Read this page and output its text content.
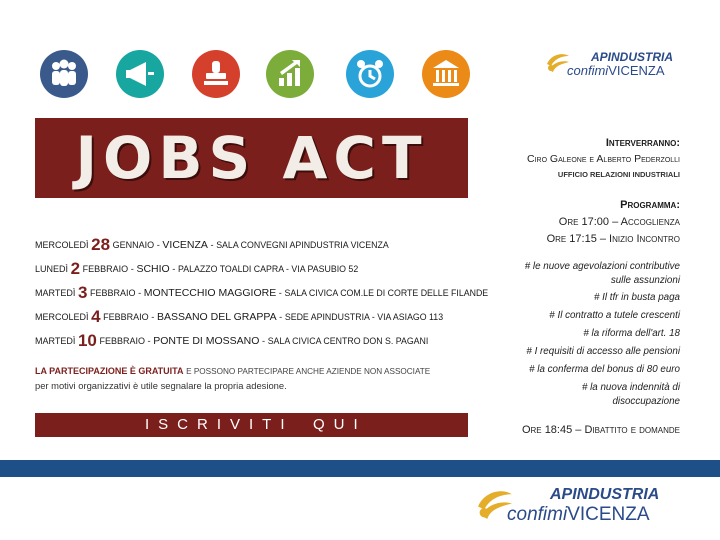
APINDUSTRIA
confimiVICENZA
JOBS ACT
MERCOLEDÌ 28 GENNAIO - VICENZA - SALA CONVEGNI APINDUSTRIA VICENZA
LUNEDÌ 2 FEBBRAIO - SCHIO - PALAZZO TOALDI CAPRA - VIA PASUBIO 52
MARTEDÌ 3 FEBBRAIO - MONTECCHIO MAGGIORE - SALA CIVICA COM.LE DI CORTE DELLE FILANDE
MERCOLEDÌ 4 FEBBRAIO - BASSANO DEL GRAPPA - SEDE APINDUSTRIA - VIA ASIAGO 113
MARTEDÌ 10 FEBBRAIO - PONTE DI MOSSANO - SALA CIVICA CENTRO DON S. PAGANI
LA PARTECIPAZIONE È GRATUITA E POSSONO PARTECIPARE ANCHE AZIENDE NON ASSOCIATE
per motivi organizzativi è utile segnalare la propria adesione.
ISCRIVITI QUI
Interverranno:
Ciro Galeone e Alberto Pederzolli
UFFICIO RELAZIONI INDUSTRIALI
Programma:
Ore 17:00 – Accoglienza
Ore 17:15 – Inizio Incontro
# le nuove agevolazioni contributive
sulle assunzioni
# Il tfr in busta paga
# Il contratto a tutele crescenti
# la riforma dell'art. 18
# I requisiti di accesso alle pensioni
# la conferma del bonus di 80 euro
# la nuova indennità di
disoccupazione
Ore 18:45 – Dibattito e domande
APINDUSTRIA
confimiVICENZA
